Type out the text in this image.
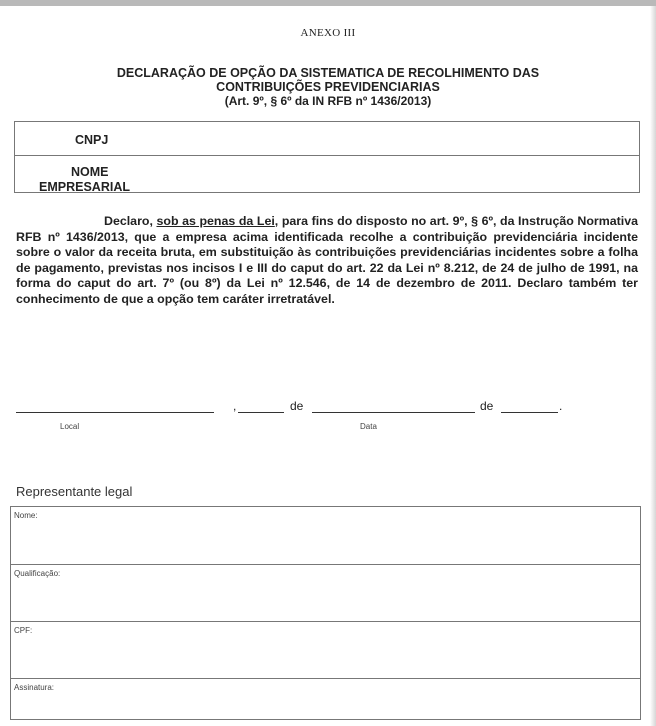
ANEXO III
DECLARAÇÃO DE OPÇÃO DA SISTEMATICA DE RECOLHIMENTO DAS
CONTRIBUIÇÕES PREVIDENCIARIAS
(Art. 9º, § 6º da IN RFB nº 1436/2013)
CNPJ
NOME
EMPRESARIAL

Declaro, sob as penas da Lei, para fins do disposto no art. 9º, § 6º, da Instrução Normativa RFB nº 1436/2013, que a empresa acima identificada recolhe a contribuição previdenciária incidente sobre o valor da receita bruta, em substituição às contribuições previdenciárias incidentes sobre a folha de pagamento, previstas nos incisos I e III do caput do art. 22 da Lei nº 8.212, de 24 de julho de 1991, na forma do caput do art. 7º (ou 8º) da Lei nº 12.546, de 14 de dezembro de 2011. Declaro também ter conhecimento de que a opção tem caráter irretratável.

,	de	de	.
Local	Data
Representante legal
Nome:
Qualificação:
CPF:
Assinatura:
